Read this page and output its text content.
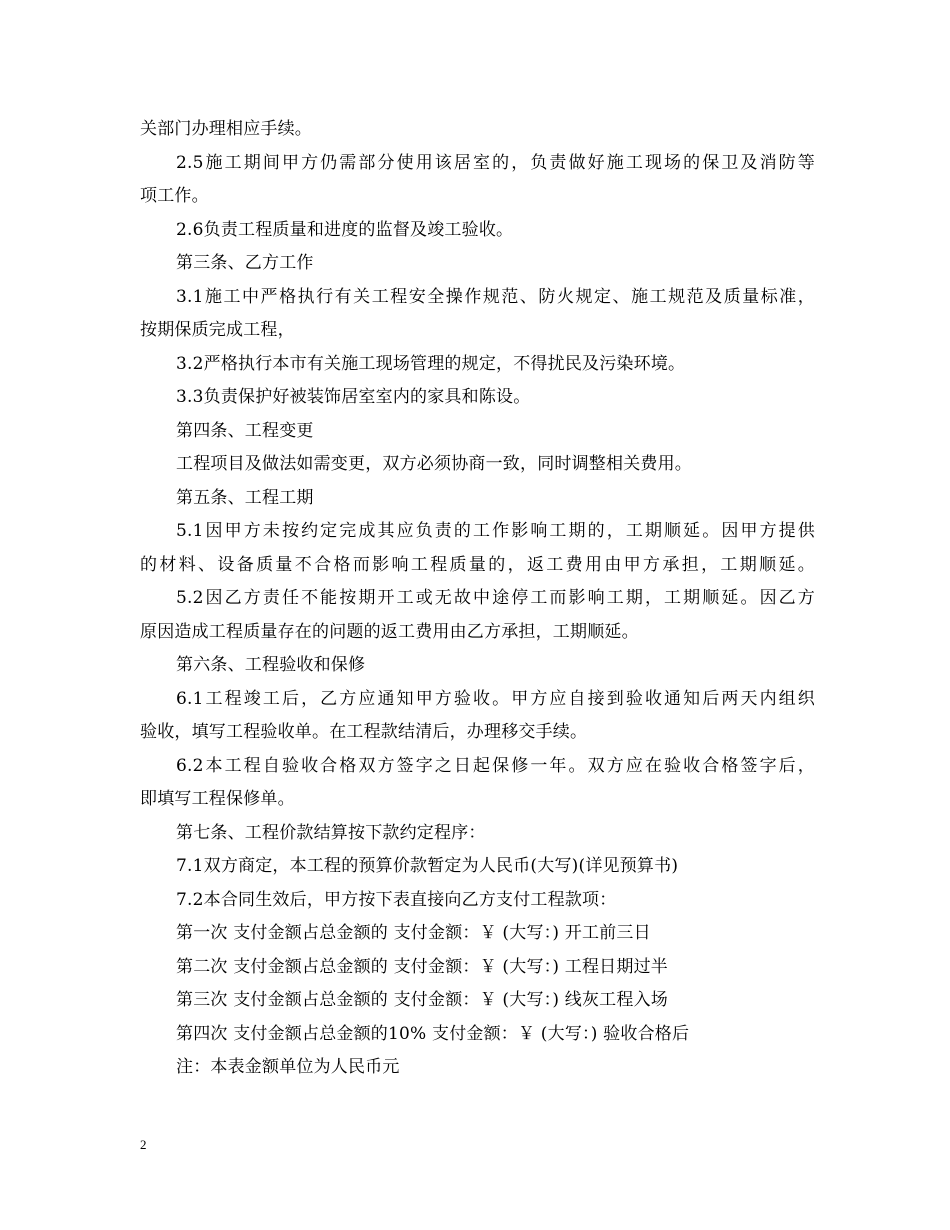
关部门办理相应手续。
2.5施工期间甲方仍需部分使用该居室的，负责做好施工现场的保卫及消防等
项工作。
2.6负责工程质量和进度的监督及竣工验收。
第三条、乙方工作
3.1施工中严格执行有关工程安全操作规范、防火规定、施工规范及质量标准，
按期保质完成工程，
3.2严格执行本市有关施工现场管理的规定，不得扰民及污染环境。
3.3负责保护好被装饰居室室内的家具和陈设。
第四条、工程变更
工程项目及做法如需变更，双方必须协商一致，同时调整相关费用。
第五条、工程工期
5.1因甲方未按约定完成其应负责的工作影响工期的，工期顺延。因甲方提供
的材料、设备质量不合格而影响工程质量的，返工费用由甲方承担，工期顺延。
5.2因乙方责任不能按期开工或无故中途停工而影响工期，工期顺延。因乙方
原因造成工程质量存在的问题的返工费用由乙方承担，工期顺延。
第六条、工程验收和保修
6.1工程竣工后，乙方应通知甲方验收。甲方应自接到验收通知后两天内组织
验收，填写工程验收单。在工程款结清后，办理移交手续。
6.2本工程自验收合格双方签字之日起保修一年。双方应在验收合格签字后，
即填写工程保修单。
第七条、工程价款结算按下款约定程序：
7.1双方商定，本工程的预算价款暂定为人民币(大写)(详见预算书)
7.2本合同生效后，甲方按下表直接向乙方支付工程款项：
第一次 支付金额占总金额的 支付金额：￥ (大写：) 开工前三日
第二次 支付金额占总金额的 支付金额：￥ (大写：) 工程日期过半
第三次 支付金额占总金额的 支付金额：￥ (大写：) 线灰工程入场
第四次 支付金额占总金额的10% 支付金额：￥ (大写：) 验收合格后
注：本表金额单位为人民币元
2
